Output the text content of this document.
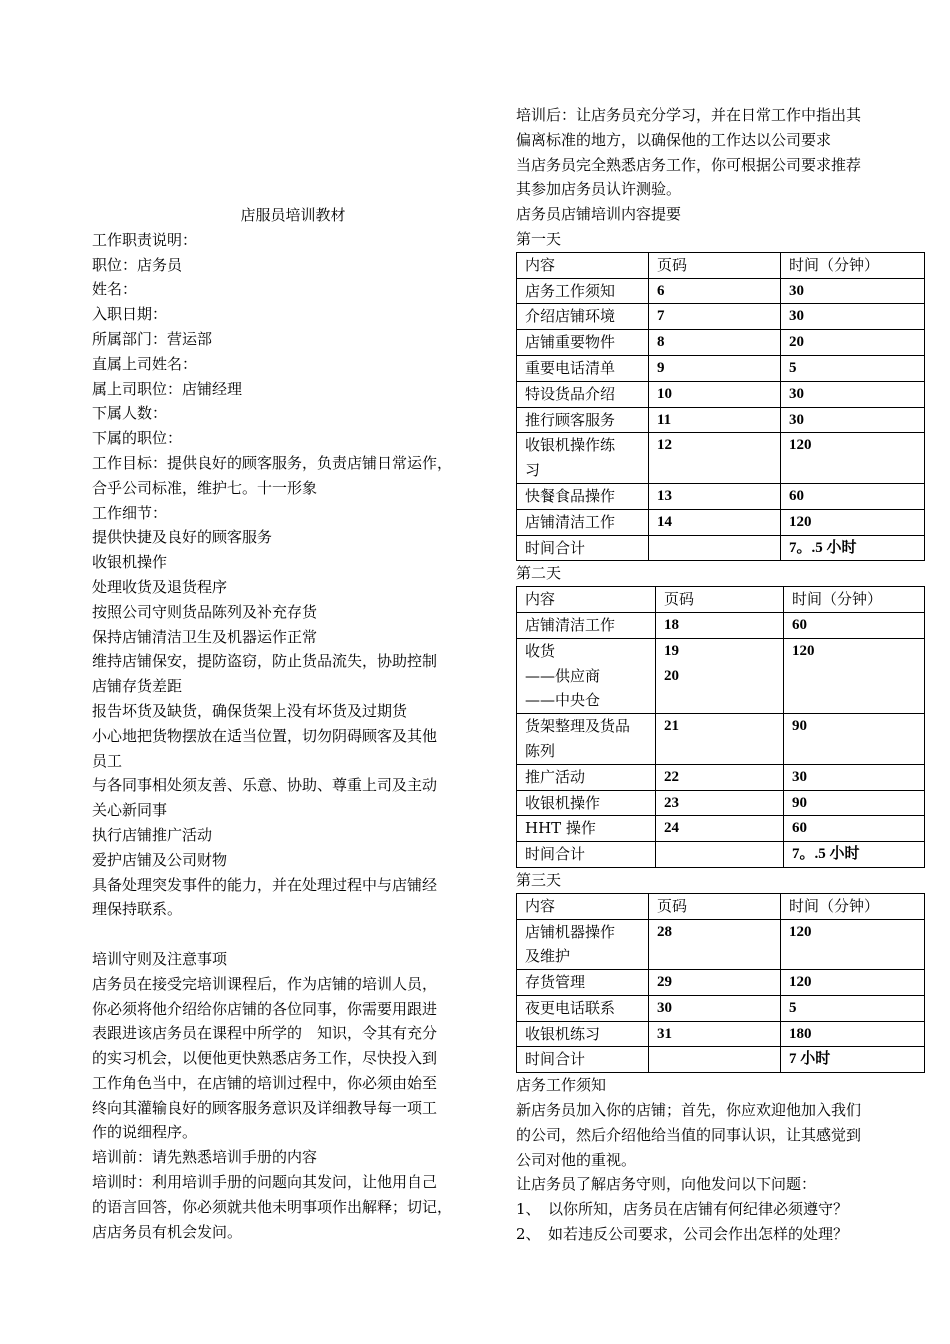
店服员培训教材

工作职责说明：

职位：店务员

姓名：

入职日期：

所属部门：营运部

直属上司姓名：

属上司职位：店铺经理

下属人数：

下属的职位：

工作目标：提供良好的顾客服务，负责店铺日常运作，

合乎公司标准，维护七。十一形象

工作细节：

提供快捷及良好的顾客服务

收银机操作

处理收货及退货程序

按照公司守则货品陈列及补充存货

保持店铺清洁卫生及机器运作正常

维持店铺保安，提防盗窃，防止货品流失，协助控制

店铺存货差距

报告坏货及缺货，确保货架上没有坏货及过期货

小心地把货物摆放在适当位置，切勿阴碍顾客及其他

员工

与各同事相处须友善、乐意、协助、尊重上司及主动

关心新同事

执行店铺推广活动

爱护店铺及公司财物

具备处理突发事件的能力，并在处理过程中与店铺经

理保持联系。

培训守则及注意事项

店务员在接受完培训课程后，作为店铺的培训人员，

你必须将他介绍给你店铺的各位同事，你需要用跟进

表跟进该店务员在课程中所学的　知识，令其有充分

的实习机会，以便他更快熟悉店务工作，尽快投入到

工作角色当中，在店铺的培训过程中，你必须由始至

终向其灌输良好的顾客服务意识及详细教导每一项工

作的说细程序。

培训前：请先熟悉培训手册的内容

培训时：利用培训手册的问题向其发问，让他用自己

的语言回答，你必须就共他未明事项作出解释；切记，

店店务员有机会发问。

培训后：让店务员充分学习，并在日常工作中指出其

偏离标准的地方，以确保他的工作达以公司要求

当店务员完全熟悉店务工作，你可根据公司要求推荐

其参加店务员认许测验。

店务员店铺培训内容提要

第一天

内容	页码	时间（分钟）

店务工作须知	6	30

介绍店铺环境	7	30

店铺重要物件	8	20

重要电话清单	9	5

特设货品介绍	10	30

推行顾客服务	11	30

收银机操作练
习	12	120

快餐食品操作	13	60

店铺清洁工作	14	120
时间合计		7。.5 小时

第二天

内容	页码	时间（分钟）

店铺清洁工作	18	60

收货
——供应商
——中央仓	19
20	120

货架整理及货品
陈列	21	90

推广活动	22	30

收银机操作	23	90

HHT 操作	24	60
时间合计		7。.5 小时

第三天

内容	页码	时间（分钟）

店铺机器操作
及维护	28	120

存货管理	29	120

夜更电话联系	30	5

收银机练习	31	180
时间合计		7 小时

店务工作须知

新店务员加入你的店铺；首先，你应欢迎他加入我们

的公司，然后介绍他给当值的同事认识，让其感觉到

公司对他的重视。

让店务员了解店务守则，向他发问以下问题：

1、　以你所知，店务员在店铺有何纪律必须遵守？

2、　如若违反公司要求，公司会作出怎样的处理？
